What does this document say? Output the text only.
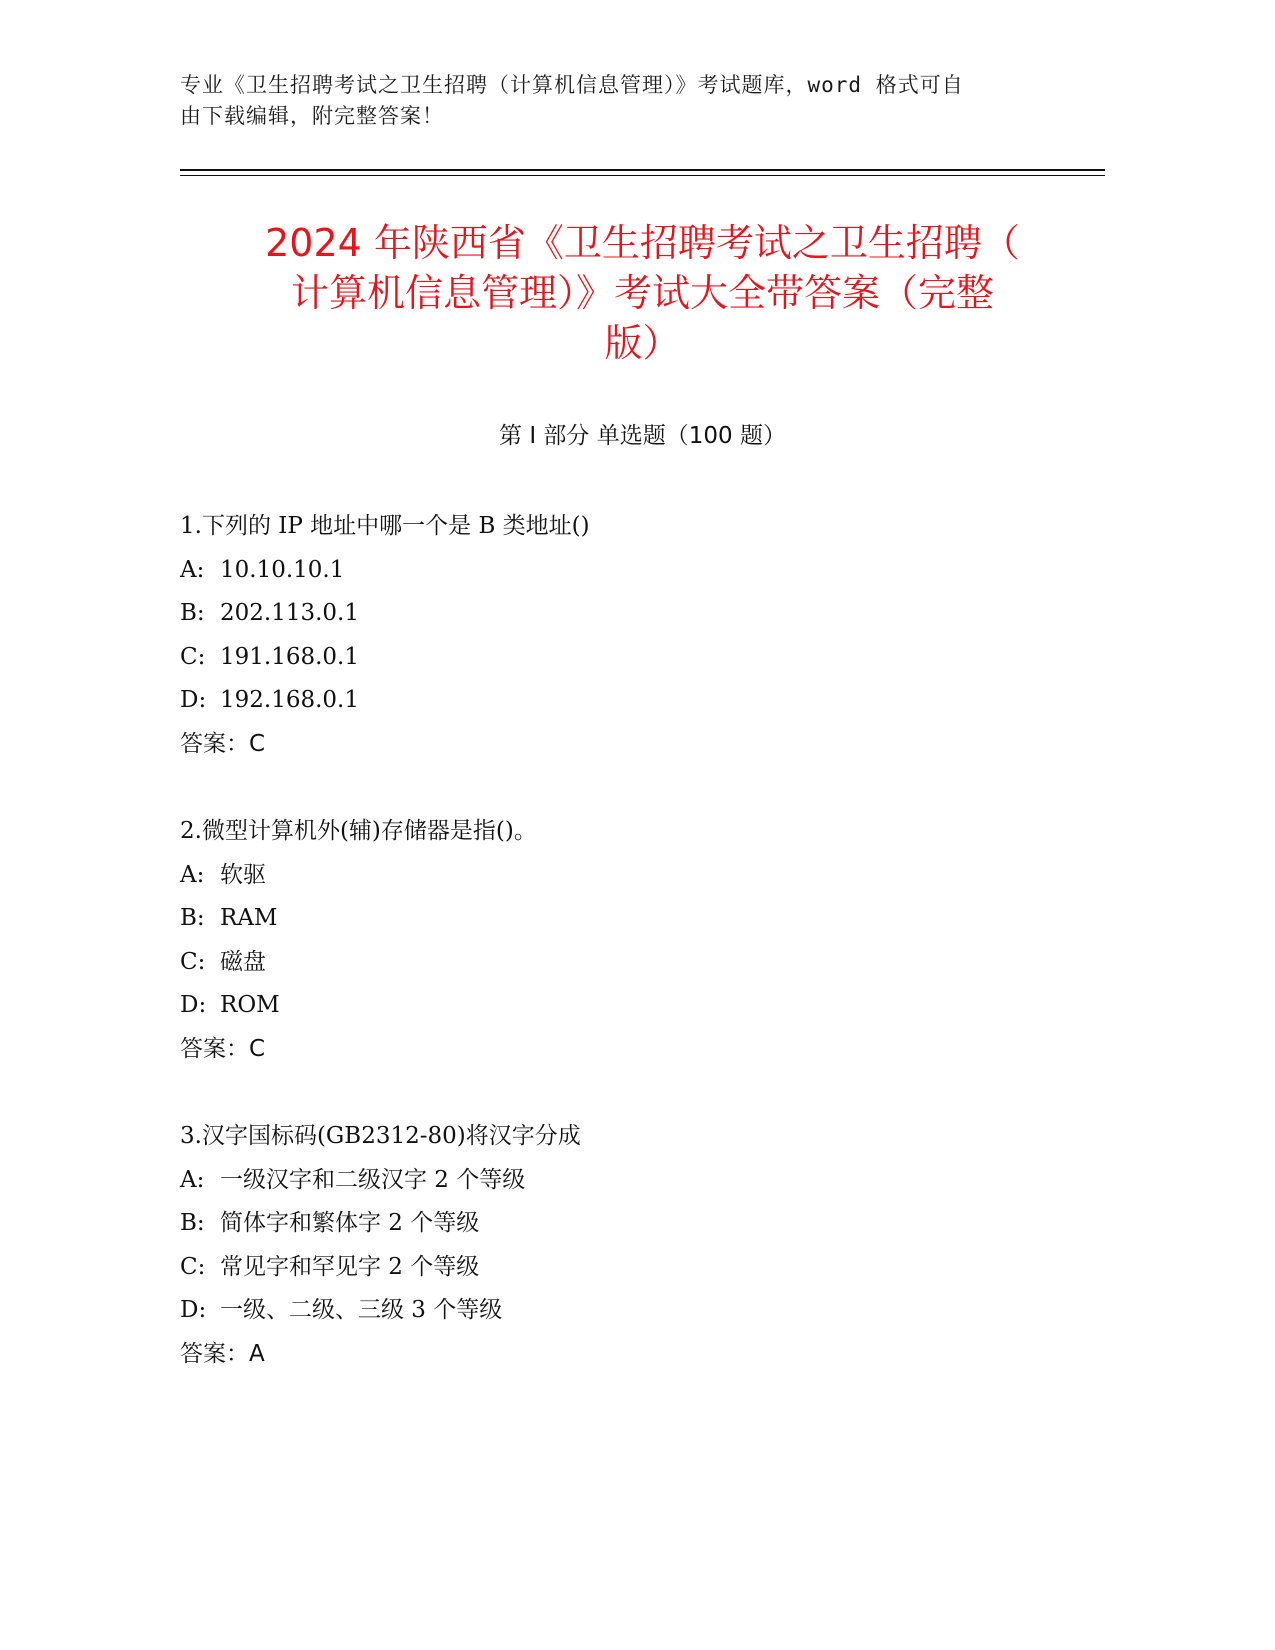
专业《卫生招聘考试之卫生招聘（计算机信息管理）》考试题库，word 格式可自
由下载编辑，附完整答案！
2024 年陕西省《卫生招聘考试之卫生招聘（
计算机信息管理）》考试大全带答案（完整
版）
第 I 部分 单选题（100 题）
1.下列的 IP 地址中哪一个是 B 类地址()
A: 10.10.10.1
B: 202.113.0.1
C: 191.168.0.1
D: 192.168.0.1
答案：C
2.微型计算机外(辅)存储器是指()。
A: 软驱
B: RAM
C: 磁盘
D: ROM
答案：C
3.汉字国标码(GB2312-80)将汉字分成
A: 一级汉字和二级汉字 2 个等级
B: 简体字和繁体字 2 个等级
C: 常见字和罕见字 2 个等级
D: 一级、二级、三级 3 个等级
答案：A
